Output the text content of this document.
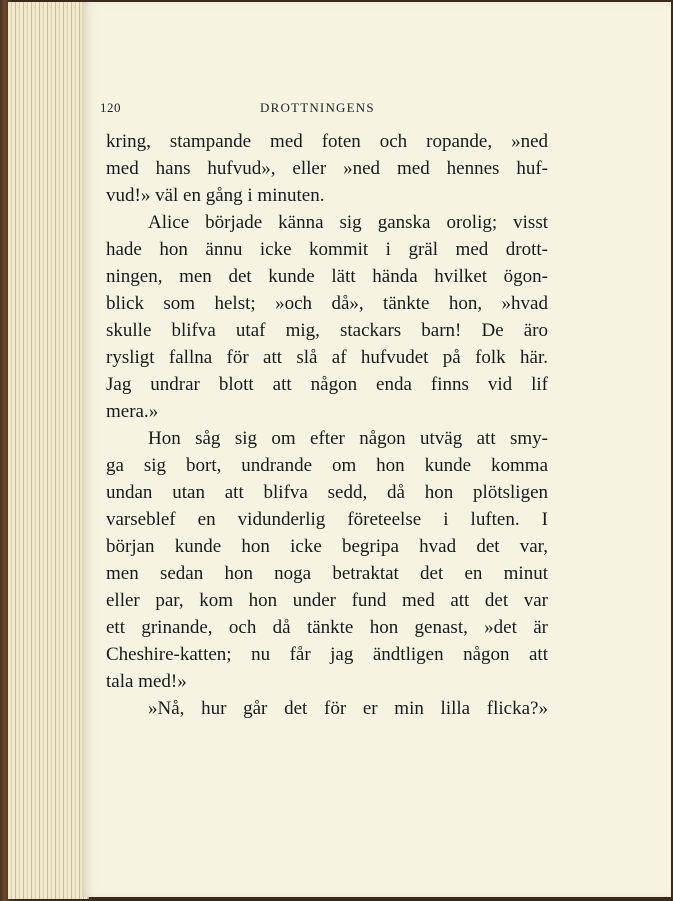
120	DROTTNINGENS
kring, stampande med foten och ropande, »ned
med hans hufvud», eller »ned med hennes huf-
vud!» väl en gång i minuten.
Alice började känna sig ganska orolig; visst
hade hon ännu icke kommit i gräl med drott-
ningen, men det kunde lätt hända hvilket ögon-
blick som helst; »och då», tänkte hon, »hvad
skulle blifva utaf mig, stackars barn! De äro
rysligt fallna för att slå af hufvudet på folk här.
Jag undrar blott att någon enda finns vid lif
mera.»
Hon såg sig om efter någon utväg att smy-
ga sig bort, undrande om hon kunde komma
undan utan att blifva sedd, då hon plötsligen
varseblef en vidunderlig företeelse i luften. I
början kunde hon icke begripa hvad det var,
men sedan hon noga betraktat det en minut
eller par, kom hon under fund med att det var
ett grinande, och då tänkte hon genast, »det är
Cheshire-katten; nu får jag ändtligen någon att
tala med!»
»Nå, hur går det för er min lilla flicka?»
